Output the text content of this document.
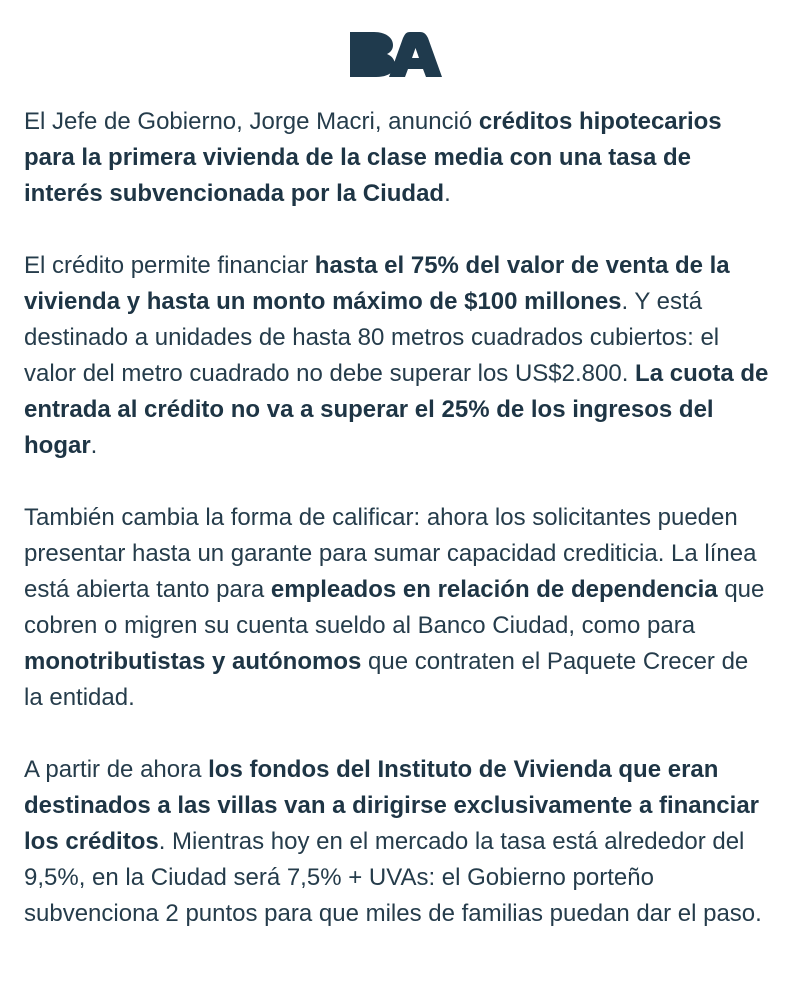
El Jefe de Gobierno, Jorge Macri, anunció créditos hipotecarios para la primera vivienda de la clase media con una tasa de interés subvencionada por la Ciudad.

El crédito permite financiar hasta el 75% del valor de venta de la vivienda y hasta un monto máximo de $100 millones. Y está destinado a unidades de hasta 80 metros cuadrados cubiertos: el valor del metro cuadrado no debe superar los US$2.800. La cuota de entrada al crédito no va a superar el 25% de los ingresos del hogar.

También cambia la forma de calificar: ahora los solicitantes pueden presentar hasta un garante para sumar capacidad crediticia. La línea está abierta tanto para empleados en relación de dependencia que cobren o migren su cuenta sueldo al Banco Ciudad, como para monotributistas y autónomos que contraten el Paquete Crecer de la entidad.

A partir de ahora los fondos del Instituto de Vivienda que eran destinados a las villas van a dirigirse exclusivamente a financiar los créditos. Mientras hoy en el mercado la tasa está alrededor del 9,5%, en la Ciudad será 7,5% + UVAs: el Gobierno porteño subvenciona 2 puntos para que miles de familias puedan dar el paso.
